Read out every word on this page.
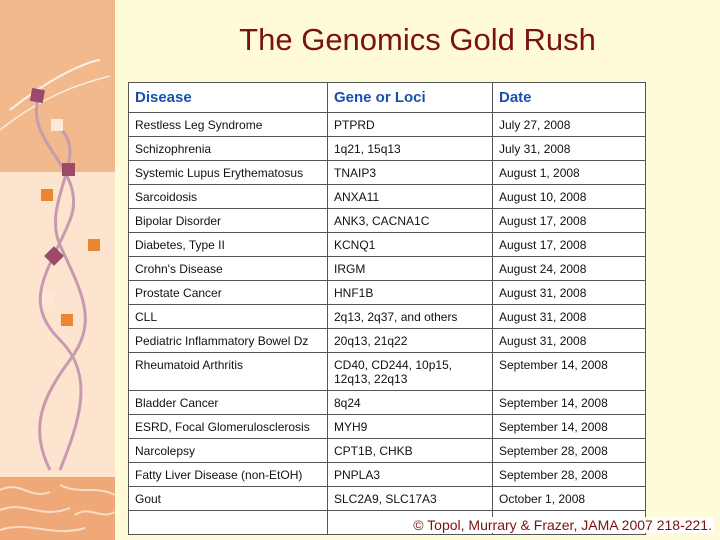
The Genomics Gold Rush
Disease	Gene or Loci	Date
Restless Leg Syndrome	PTPRD	July 27, 2008
Schizophrenia	1q21, 15q13	July 31, 2008
Systemic Lupus Erythematosus	TNAIP3	August 1, 2008
Sarcoidosis	ANXA11	August 10, 2008
Bipolar Disorder	ANK3, CACNA1C	August 17, 2008
Diabetes, Type II	KCNQ1	August 17, 2008
Crohn's Disease	IRGM	August 24, 2008
Prostate Cancer	HNF1B	August 31, 2008
CLL	2q13, 2q37, and others	August 31, 2008
Pediatric Inflammatory Bowel Dz	20q13, 21q22	August 31, 2008
Rheumatoid Arthritis	CD40, CD244, 10p15, 12q13, 22q13	September 14, 2008
Bladder Cancer	8q24	September 14, 2008
ESRD, Focal Glomerulosclerosis	MYH9	September 14, 2008
Narcolepsy	CPT1B, CHKB	September 28, 2008
Fatty Liver Disease (non-EtOH)	PNPLA3	September 28, 2008
Gout	SLC2A9, SLC17A3	October 1, 2008

© Topol, Murrary & Frazer, JAMA 2007 218-221.
